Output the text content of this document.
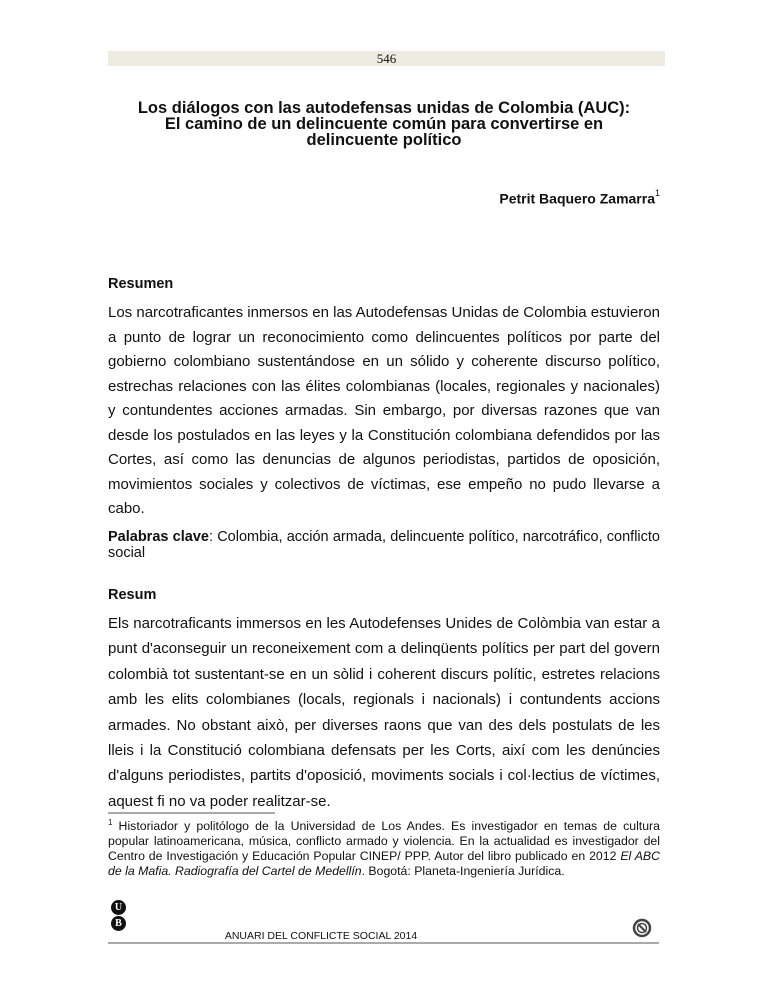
546
Los diálogos con las autodefensas unidas de Colombia (AUC):
El camino de un delincuente común para convertirse en
delincuente político
Petrit Baquero Zamarra$^1$
Resumen

Los narcotraficantes inmersos en las Autodefensas Unidas de Colombia estuvieron a punto de lograr un reconocimiento como delincuentes políticos por parte del gobierno colombiano sustentándose en un sólido y coherente discurso político, estrechas relaciones con las élites colombianas (locales, regionales y nacionales) y contundentes acciones armadas. Sin embargo, por diversas razones que van desde los postulados en las leyes y la Constitución colombiana defendidos por las Cortes, así como las denuncias de algunos periodistas, partidos de oposición, movimientos sociales y colectivos de víctimas, ese empeño no pudo llevarse a cabo.

Palabras clave: Colombia, acción armada, delincuente político, narcotráfico, conflicto social
Resum

Els narcotraficants immersos en les Autodefenses Unides de Colòmbia van estar a punt d'aconseguir un reconeixement com a delinqüents polítics per part del govern colombià tot sustentant-se en un sòlid i coherent discurs polític, estretes relacions amb les elits colombianes (locals, regionals i nacionals) i contundents accions armades. No obstant això, per diverses raons que van des dels postulats de les lleis i la Constitució colombiana defensats per les Corts, així com les denúncies d'alguns periodistes, partits d'oposició, moviments socials i col·lectius de víctimes, aquest fi no va poder realitzar-se.

$^1$ Historiador y politólogo de la Universidad de Los Andes. Es investigador en temas de cultura popular latinoamericana, música, conflicto armado y violencia. En la actualidad es investigador del Centro de Investigación y Educación Popular CINEP/ PPP. Autor del libro publicado en 2012 El ABC de la Mafia. Radiografía del Cartel de Medellín. Bogotá: Planeta-Ingeniería Jurídica.
U
B
ANUARI DEL CONFLICTE SOCIAL 2014
